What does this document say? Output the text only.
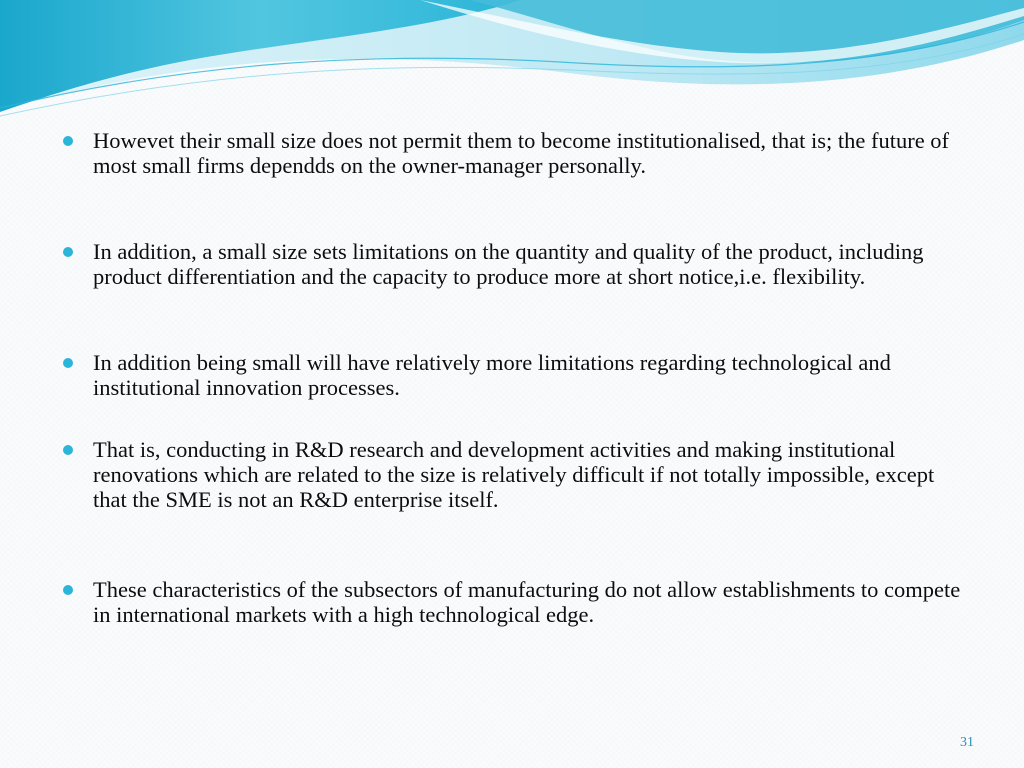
Howevet their small size does not permit them to become institutionalised, that is; the future of most small firms dependds on the owner-manager personally.
In addition, a small size sets limitations on the quantity and quality of the product, including product differentiation and the capacity to produce more at short notice,i.e. flexibility.
In addition being small will have relatively more limitations regarding technological and institutional innovation processes.
That is, conducting in R&D research and development activities and making institutional renovations which are related to the size is relatively difficult if not totally impossible, except that the SME is not an R&D enterprise itself.
These characteristics of the subsectors of manufacturing do not allow establishments to compete in international markets with a high technological edge.
31
